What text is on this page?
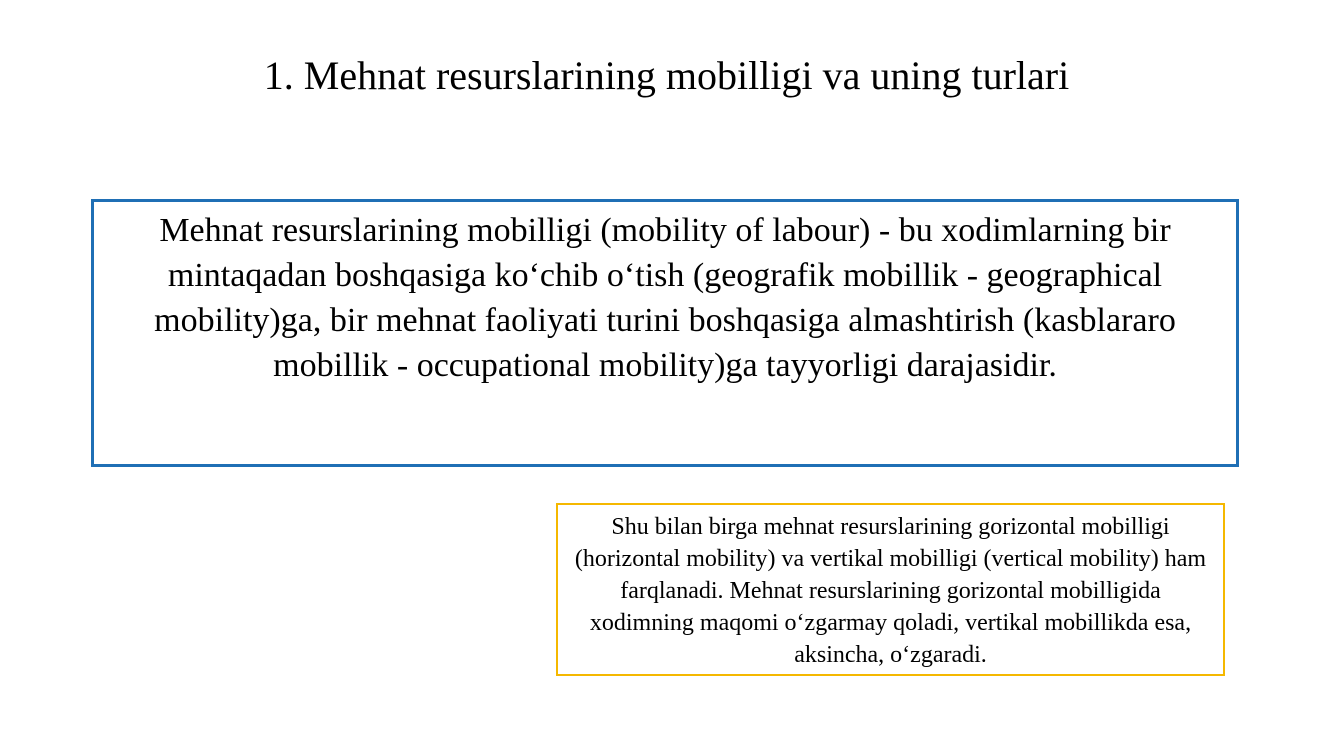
1. Mehnat resurslarining mobilligi va uning turlari

Mehnat resurslarining mobilligi (mobility of labour) - bu xodimlarning bir mintaqadan boshqasiga ko‘chib o‘tish (geografik mobillik - geographical mobility)ga, bir mehnat faoliyati turini boshqasiga almashtirish (kasblararo mobillik - occupational mobility)ga tayyorligi darajasidir.

Shu bilan birga mehnat resurslarining gorizontal mobilligi (horizontal mobility) va vertikal mobilligi (vertical mobility) ham farqlanadi. Mehnat resurslarining gorizontal mobilligida xodimning maqomi o‘zgarmay qoladi, vertikal mobillikda esa, aksincha, o‘zgaradi.
